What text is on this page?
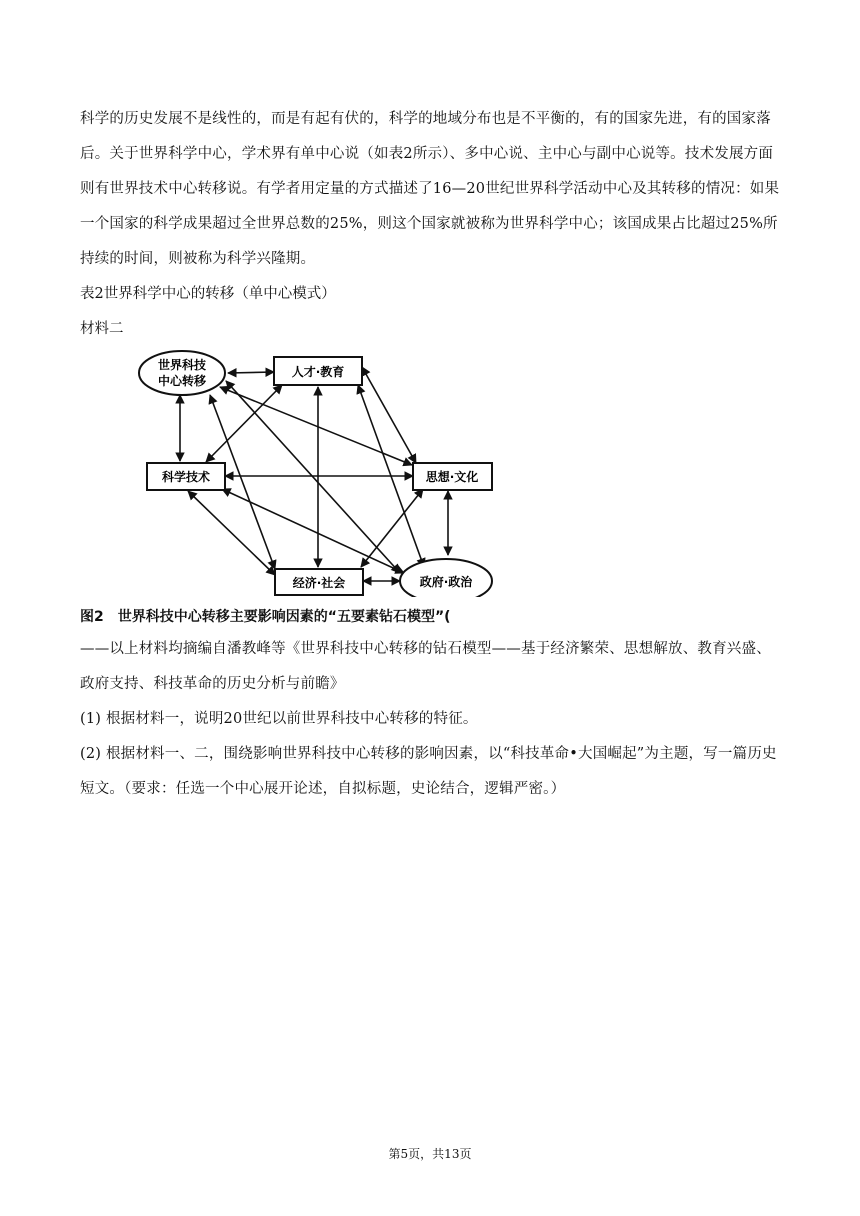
科学的历史发展不是线性的，而是有起有伏的，科学的地域分布也是不平衡的，有的国家先进，有的国家落后。关于世界科学中心，学术界有单中心说（如表2所示）、多中心说、主中心与副中心说等。技术发展方面则有世界技术中心转移说。有学者用定量的方式描述了16—20世纪世界科学活动中心及其转移的情况：如果一个国家的科学成果超过全世界总数的25%，则这个国家就被称为世界科学中心；该国成果占比超过25%所持续的时间，则被称为科学兴隆期。
表2世界科学中心的转移（单中心模式）
材料二
世界科技
中心转移
人才·教育
科学技术	思想·文化
经济·社会	政府·政治
图2　世界科技中心转移主要影响因素的“五要素钻石模型”(
——以上材料均摘编自潘教峰等《世界科技中心转移的钻石模型——基于经济繁荣、思想解放、教育兴盛、政府支持、科技革命的历史分析与前瞻》
(1) 根据材料一，说明20世纪以前世界科技中心转移的特征。
(2) 根据材料一、二，围绕影响世界科技中心转移的影响因素，以“科技革命•大国崛起”为主题，写一篇历史短文。（要求：任选一个中心展开论述，自拟标题，史论结合，逻辑严密。）
第5页，共13页
